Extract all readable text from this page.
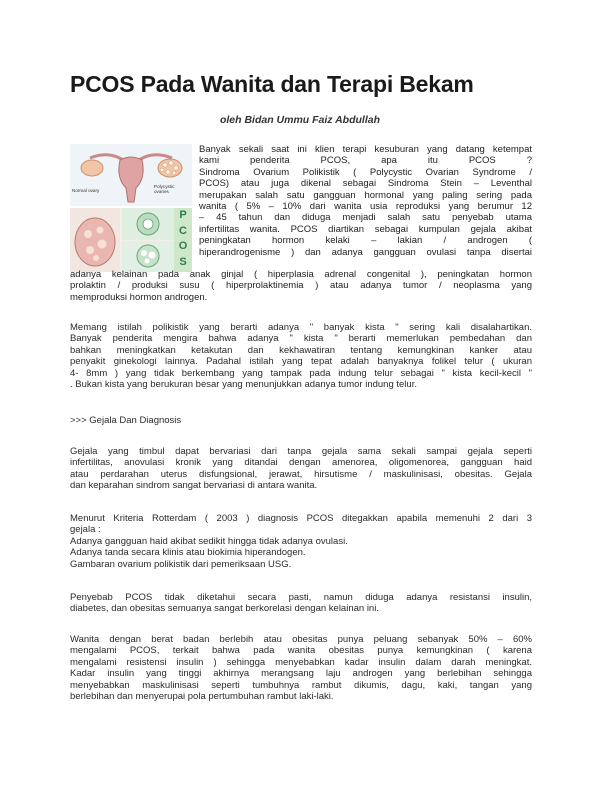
PCOS Pada Wanita dan Terapi Bekam
oleh Bidan Ummu Faiz Abdullah
Normal ovary
Polycystic ovaries
P
C
O
S
Banyak sekali saat ini klien terapi kesuburan yang datang ketempat
kami penderita PCOS, apa itu PCOS ?
Sindroma Ovarium Polikistik ( Polycystic Ovarian Syndrome /
PCOS) atau juga dikenal sebagai Sindroma Stein – Leventhal
merupakan salah satu gangguan hormonal yang paling sering pada
wanita ( 5% – 10% dari wanita usia reproduksi yang berumur 12
– 45 tahun dan diduga menjadi salah satu penyebab utama
infertilitas wanita. PCOS diartikan sebagai kumpulan gejala akibat
peningkatan hormon kelaki – lakian / androgen (
hiperandrogenisme ) dan adanya gangguan ovulasi tanpa disertai
adanya kelainan pada anak ginjal ( hiperplasia adrenal congenital ), peningkatan hormon
prolaktin / produksi susu ( hiperprolaktinemia ) atau adanya tumor / neoplasma yang
memproduksi hormon androgen.
Memang istilah polikistik yang berarti adanya " banyak kista " sering kali disalahartikan.
Banyak penderita mengira bahwa adanya " kista " berarti memerlukan pembedahan dan
bahkan meningkatkan ketakutan dan kekhawatiran tentang kemungkinan kanker atau
penyakit ginekologi lainnya. Padahal istilah yang tepat adalah banyaknya folikel telur ( ukuran
4- 8mm ) yang tidak berkembang yang tampak pada indung telur sebagai " kista kecil-kecil "
. Bukan kista yang berukuran besar yang menunjukkan adanya tumor indung telur.
>>> Gejala Dan Diagnosis
Gejala yang timbul dapat bervariasi dari tanpa gejala sama sekali sampai gejala seperti
infertilitas, anovulasi kronik yang ditandai dengan amenorea, oligomenorea, gangguan haid
atau perdarahan uterus disfungsional, jerawat, hirsutisme / maskulinisasi, obesitas. Gejala
dan keparahan sindrom sangat bervariasi di antara wanita.
Menurut Kriteria Rotterdam ( 2003 ) diagnosis PCOS ditegakkan apabila memenuhi 2 dari 3
gejala :
Adanya gangguan haid akibat sedikit hingga tidak adanya ovulasi.
Adanya tanda secara klinis atau biokimia hiperandogen.
Gambaran ovarium polikistik dari pemeriksaan USG.
Penyebab PCOS tidak diketahui secara pasti, namun diduga adanya resistansi insulin,
diabetes, dan obesitas semuanya sangat berkorelasi dengan kelainan ini.
Wanita dengan berat badan berlebih atau obesitas punya peluang sebanyak 50% – 60%
mengalami PCOS, terkait bahwa pada wanita obesitas punya kemungkinan ( karena
mengalami resistensi insulin ) sehingga menyebabkan kadar insulin dalam darah meningkat.
Kadar insulin yang tinggi akhirnya merangsang laju androgen yang berlebihan sehingga
menyebabkan maskulinisasi seperti tumbuhnya rambut dikumis, dagu, kaki, tangan yang
berlebihan dan menyerupai pola pertumbuhan rambut laki-laki.
